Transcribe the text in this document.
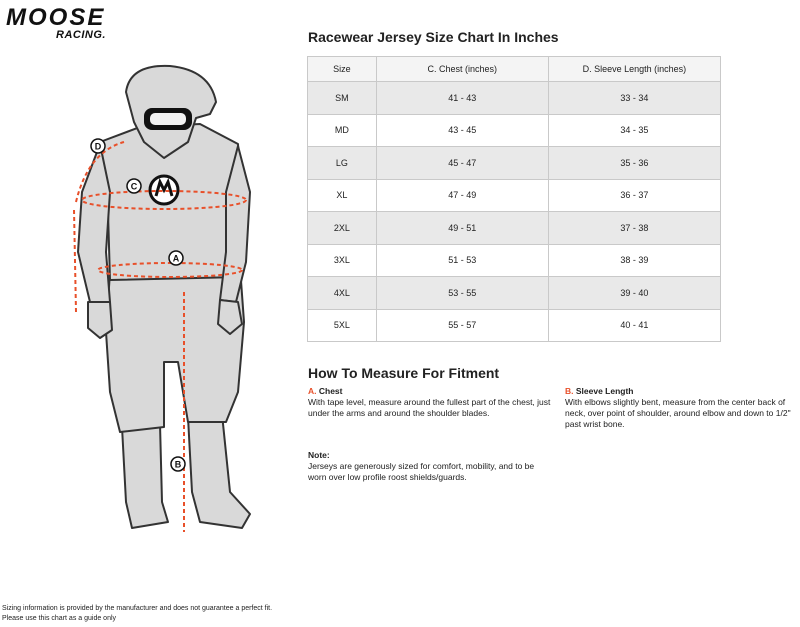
MOOSE
RACING.
D
C
A
B
Racewear Jersey Size Chart In Inches
Size	C. Chest (inches)	D. Sleeve Length (inches)
SM	41 - 43	33 - 34
MD	43 - 45	34 - 35
LG	45 - 47	35 - 36
XL	47 - 49	36 - 37
2XL	49 - 51	37 - 38
3XL	51 - 53	38 - 39
4XL	53 - 55	39 - 40
5XL	55 - 57	40 - 41
How To Measure For Fitment
A. Chest
With tape level, measure around the fullest part of the chest, just under the arms and around the shoulder blades.
B. Sleeve Length
With elbows slightly bent, measure from the center back of neck, over point of shoulder, around elbow and down to 1/2" past wrist bone.
Note:
Jerseys are generously sized for comfort, mobility, and to be worn over low profile roost shields/guards.
Sizing information is provided by the manufacturer and does not guarantee a perfect fit.
Please use this chart as a guide only
